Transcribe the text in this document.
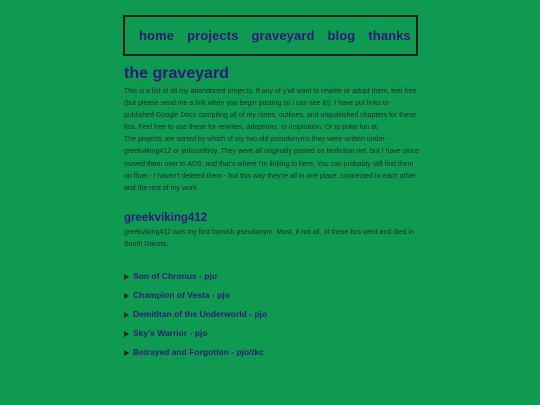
home projects graveyard blog thanks
the graveyard

This is a list of all my abandoned projects. If any of y'all want to rewrite or adopt them, feel free (but please send me a link when you begin posting so i can see it!). I have put links to published Google Docs compiling all of my notes, outlines, and unpublished chapters for these fics. Feel free to use these for rewrites, adoptions, or inspiration. Or to poke fun at.

The projects are sorted by which of my two old pseudonyms they were written under - greekviking412 or jarkosoftroy. They were all originally posted on fanfiction.net, but I have since moved them over to AO3, and that's where I'm linking to here. You can probably still find them on ffnet - I haven't deleted them - but this way they're all in one place, connected to each other and the rest of my work.

greekviking412

greekviking412 was my first fannish pseudonym. Most, if not all, of these fics went and died in South Dakota.

Son of Chronus - pjo
Champion of Vesta - pjo
Demititan of the Underworld - pjo
Sky's Warrior - pjo
Betrayed and Forgotten - pjo/tkc
